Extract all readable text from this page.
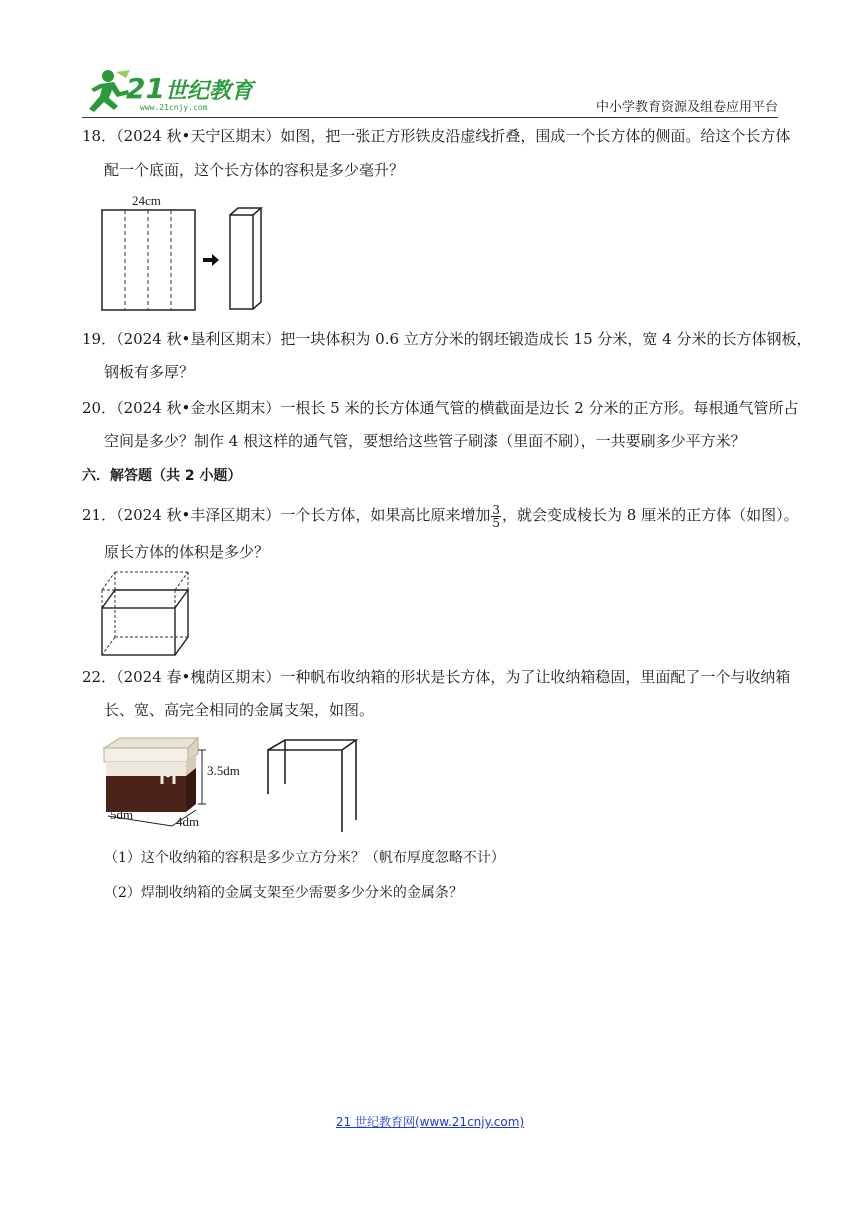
21世纪教育
www.21cnjy.com	中小学教育资源及组卷应用平台
18．（2024 秋•天宁区期末）如图，把一张正方形铁皮沿虚线折叠，围成一个长方体的侧面。给这个长方体
配一个底面，这个长方体的容积是多少毫升？
24cm
19．（2024 秋•垦利区期末）把一块体积为 0.6 立方分米的钢坯锻造成长 15 分米，宽 4 分米的长方体钢板，
钢板有多厚？
20．（2024 秋•金水区期末）一根长 5 米的长方体通气管的横截面是边长 2 分米的正方形。每根通气管所占
空间是多少？制作 4 根这样的通气管，要想给这些管子刷漆（里面不刷），一共要刷多少平方米？
六．解答题（共 2 小题）
21．（2024 秋•丰泽区期末）一个长方体，如果高比原来增加 $\frac{3}{5}$ ，就会变成棱长为 8 厘米的正方体（如图）。
原长方体的体积是多少？
22．（2024 春•槐荫区期末）一种帆布收纳箱的形状是长方体，为了让收纳箱稳固，里面配了一个与收纳箱
长、宽、高完全相同的金属支架，如图。
3.5dm
5dm	4dm
（1）这个收纳箱的容积是多少立方分米？（帆布厚度忽略不计）
（2）焊制收纳箱的金属支架至少需要多少分米的金属条？
21 世纪教育网(www.21cnjy.com)
